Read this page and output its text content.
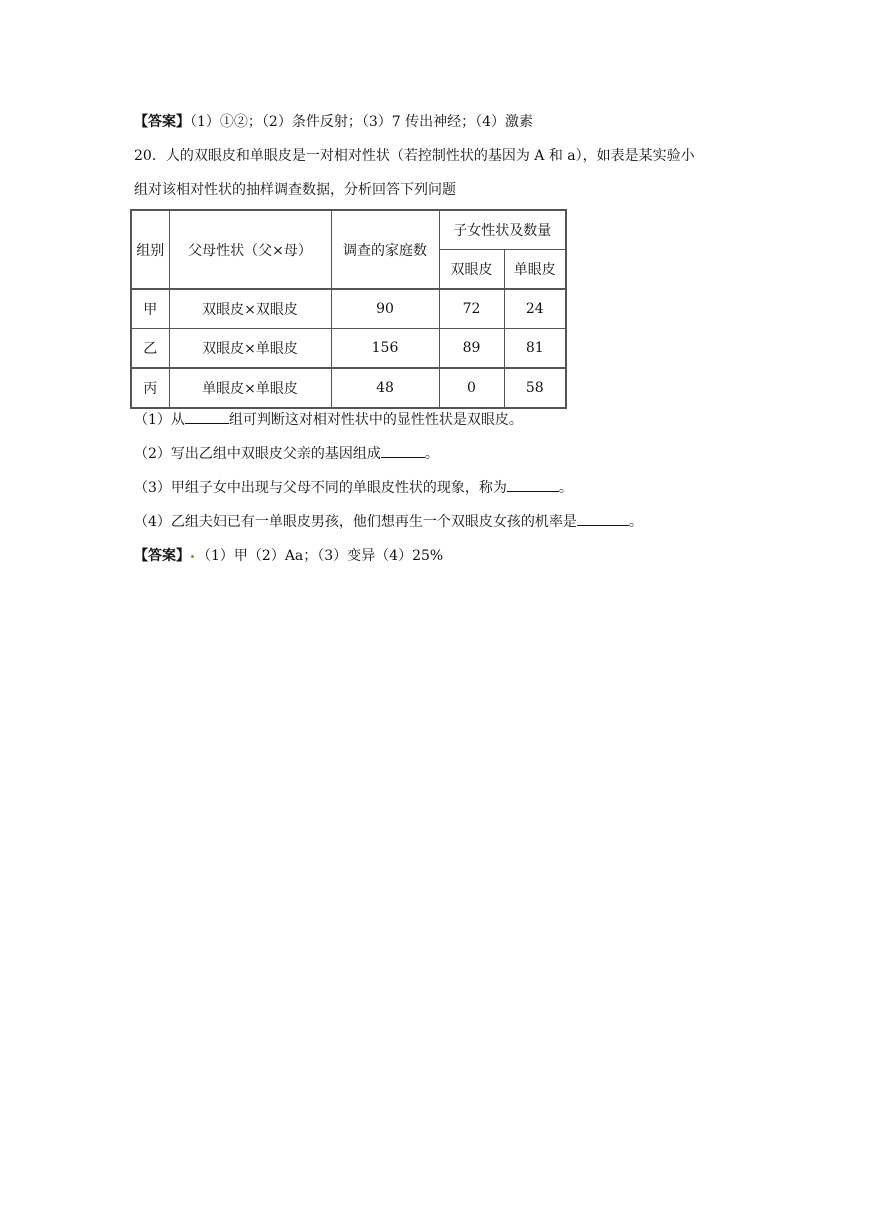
【答案】（1）①②；（2）条件反射；（3）7 传出神经；（4）激素
20．人的双眼皮和单眼皮是一对相对性状（若控制性状的基因为 A 和 a），如表是某实验小
组对该相对性状的抽样调查数据，分析回答下列问题
组别	父母性状（父×母）	调查的家庭数	子女性状及数量	
			双眼皮	单眼皮
甲	双眼皮×双眼皮	90	72	24
乙	双眼皮×单眼皮	156	89	81
丙	单眼皮×单眼皮	48	0	58
（1）从	组可判断这对相对性状中的显性性状是双眼皮。
（2）写出乙组中双眼皮父亲的基因组成	。
（3）甲组子女中出现与父母不同的单眼皮性状的现象，称为	。
（4）乙组夫妇已有一单眼皮男孩，他们想再生一个双眼皮女孩的机率是	。
【答案】 （1）甲（2）Aa；（3）变异（4）25%
